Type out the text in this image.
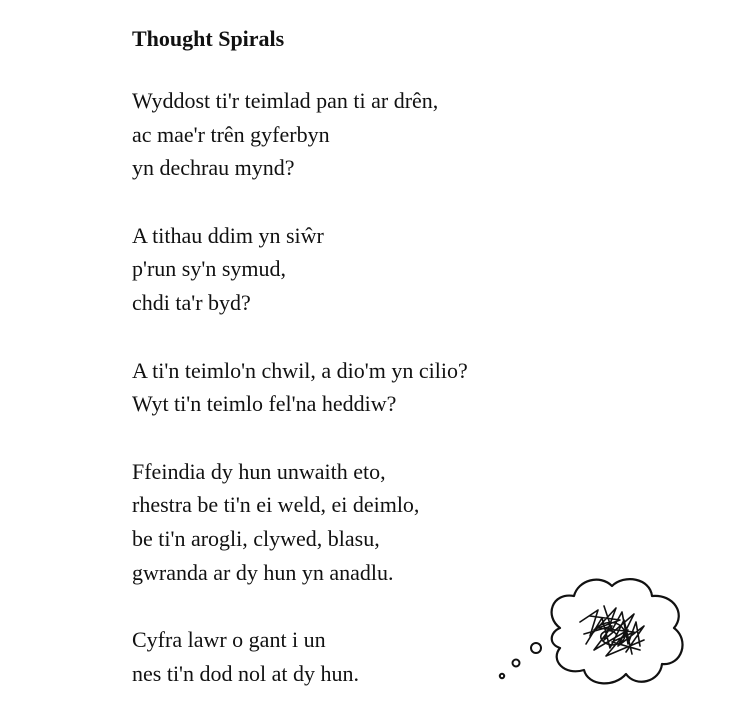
Thought Spirals
Wyddost ti'r teimlad pan ti ar drên,
ac mae'r trên gyferbyn
yn dechrau mynd?
A tithau ddim yn siŵr
p'run sy'n symud,
chdi ta'r byd?
A ti'n teimlo'n chwil, a dio'm yn cilio?
Wyt ti'n teimlo fel'na heddiw?
Ffeindia dy hun unwaith eto,
rhestra be ti'n ei weld, ei deimlo,
be ti'n arogli, clywed, blasu,
gwranda ar dy hun yn anadlu.
Cyfra lawr o gant i un
nes ti'n dod nol at dy hun.
